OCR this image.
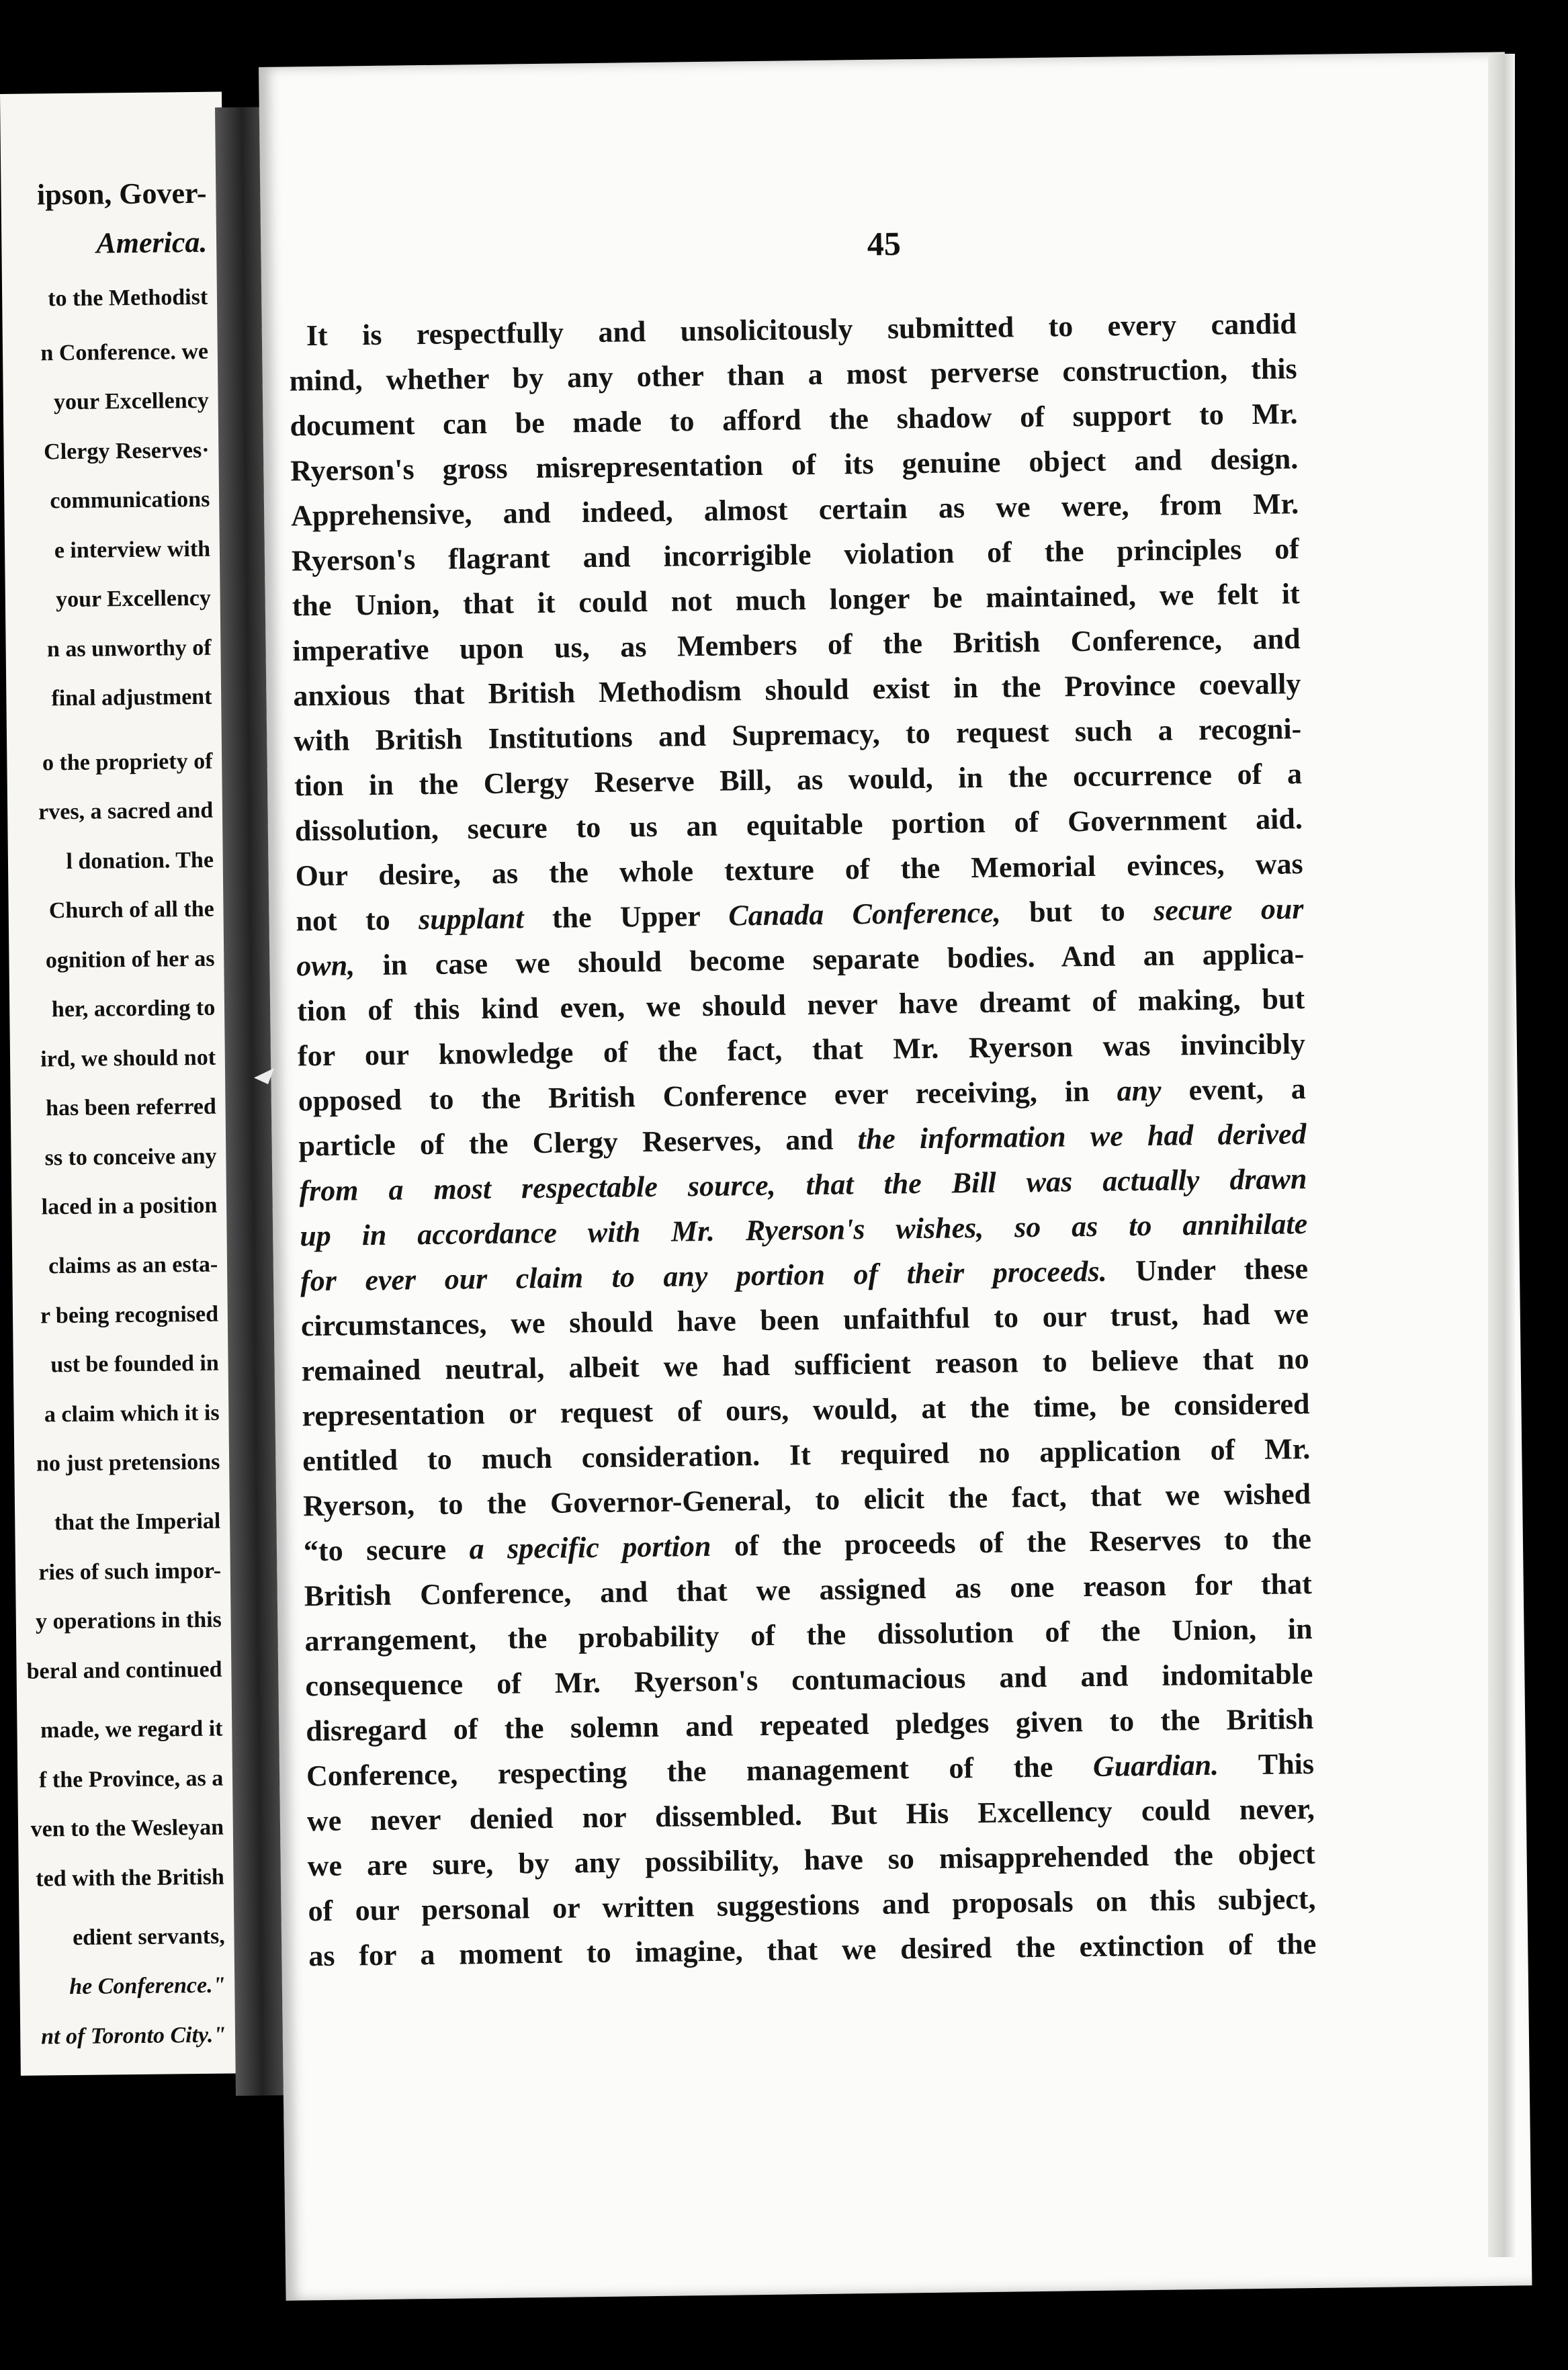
ipson, Gover-
America.
to the Methodist
n Conference. we
your Excellency
Clergy Reserves·
communications
e interview with
your Excellency
n as unworthy of
final adjustment
o the propriety of
rves, a sacred and
l donation. The
Church of all the
ognition of her as
her, according to
ird, we should not
has been referred
ss to conceive any
laced in a position
claims as an esta-
r being recognised
ust be founded in
a claim which it is
no just pretensions
that the Imperial
ries of such impor-
y operations in this
beral and continued
made, we regard it
f the Province, as a
ven to the Wesleyan
ted with the British
edient servants,
he Conference."
nt of Toronto City."
45
It is respectfully and unsolicitously submitted to every candid
mind, whether by any other than a most perverse construction, this
document can be made to afford the shadow of support to Mr.
Ryerson's gross misrepresentation of its genuine object and design.
Apprehensive, and indeed, almost certain as we were, from Mr.
Ryerson's flagrant and incorrigible violation of the principles of
the Union, that it could not much longer be maintained, we felt it
imperative upon us, as Members of the British Conference, and
anxious that British Methodism should exist in the Province coevally
with British Institutions and Supremacy, to request such a recogni-
tion in the Clergy Reserve Bill, as would, in the occurrence of a
dissolution, secure to us an equitable portion of Government aid.
Our desire, as the whole texture of the Memorial evinces, was
not to supplant the Upper Canada Conference, but to secure our
own, in case we should become separate bodies. And an applica-
tion of this kind even, we should never have dreamt of making, but
for our knowledge of the fact, that Mr. Ryerson was invincibly
opposed to the British Conference ever receiving, in any event, a
particle of the Clergy Reserves, and the information we had derived
from a most respectable source, that the Bill was actually drawn
up in accordance with Mr. Ryerson's wishes, so as to annihilate
for ever our claim to any portion of their proceeds. Under these
circumstances, we should have been unfaithful to our trust, had we
remained neutral, albeit we had sufficient reason to believe that no
representation or request of ours, would, at the time, be considered
entitled to much consideration. It required no application of Mr.
Ryerson, to the Governor-General, to elicit the fact, that we wished
“to secure a specific portion of the proceeds of the Reserves to the
British Conference, and that we assigned as one reason for that
arrangement, the probability of the dissolution of the Union, in
consequence of Mr. Ryerson's contumacious and and indomitable
disregard of the solemn and repeated pledges given to the British
Conference, respecting the management of the Guardian. This
we never denied nor dissembled. But His Excellency could never,
we are sure, by any possibility, have so misapprehended the object
of our personal or written suggestions and proposals on this subject,
as for a moment to imagine, that we desired the extinction of the
